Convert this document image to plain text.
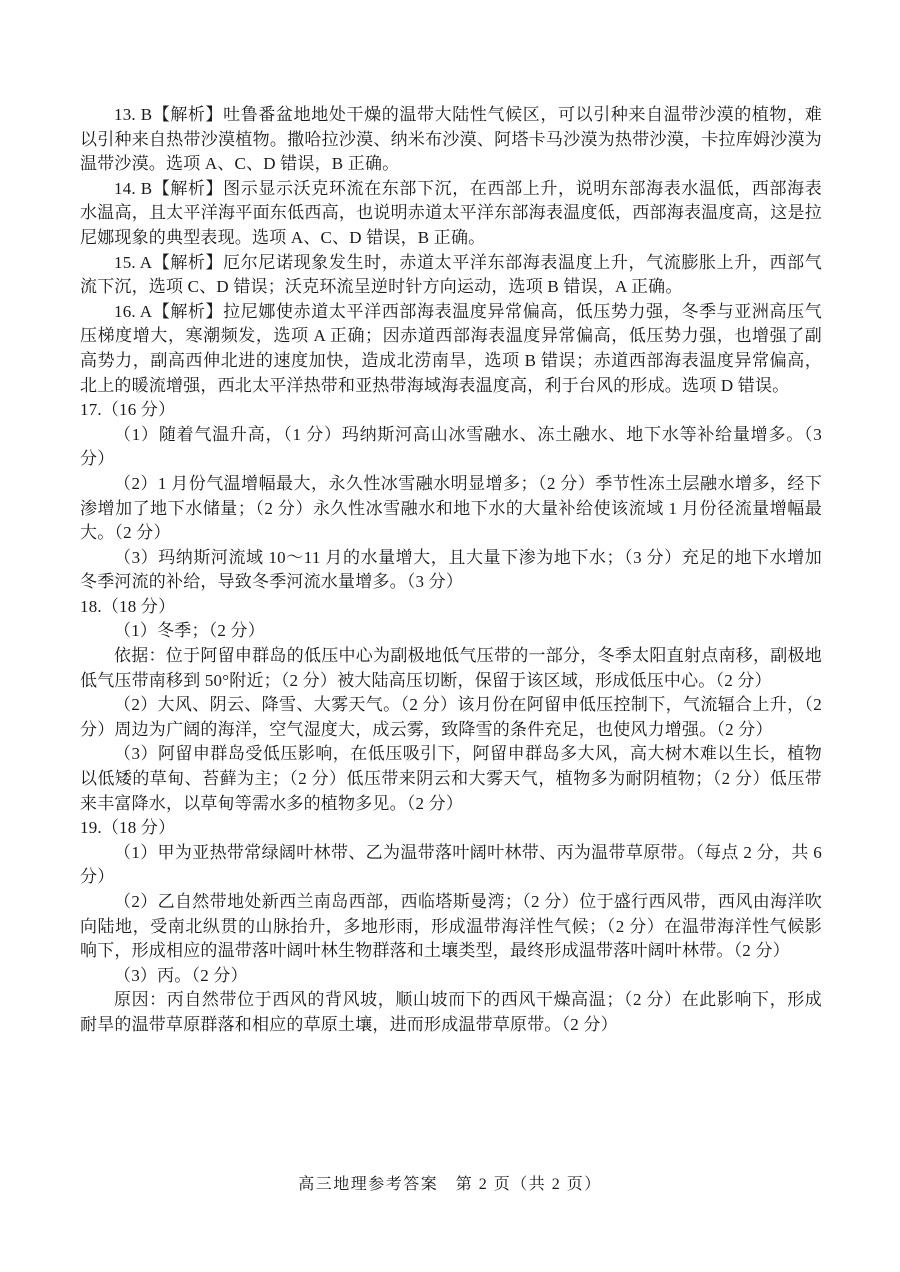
13. B【解析】吐鲁番盆地地处干燥的温带大陆性气候区，可以引种来自温带沙漠的植物，难以引种来自热带沙漠植物。撒哈拉沙漠、纳米布沙漠、阿塔卡马沙漠为热带沙漠，卡拉库姆沙漠为温带沙漠。选项 A、C、D 错误，B 正确。

14. B【解析】图示显示沃克环流在东部下沉，在西部上升，说明东部海表水温低，西部海表水温高，且太平洋海平面东低西高，也说明赤道太平洋东部海表温度低，西部海表温度高，这是拉尼娜现象的典型表现。选项 A、C、D 错误，B 正确。

15. A【解析】厄尔尼诺现象发生时，赤道太平洋东部海表温度上升，气流膨胀上升，西部气流下沉，选项 C、D 错误；沃克环流呈逆时针方向运动，选项 B 错误，A 正确。

16. A【解析】拉尼娜使赤道太平洋西部海表温度异常偏高，低压势力强，冬季与亚洲高压气压梯度增大，寒潮频发，选项 A 正确；因赤道西部海表温度异常偏高，低压势力强，也增强了副高势力，副高西伸北进的速度加快，造成北涝南旱，选项 B 错误；赤道西部海表温度异常偏高，北上的暖流增强，西北太平洋热带和亚热带海域海表温度高，利于台风的形成。选项 D 错误。

17.（16 分）

（1）随着气温升高，（1 分）玛纳斯河高山冰雪融水、冻土融水、地下水等补给量增多。（3 分）

（2）1 月份气温增幅最大，永久性冰雪融水明显增多；（2 分）季节性冻土层融水增多，经下渗增加了地下水储量；（2 分）永久性冰雪融水和地下水的大量补给使该流域 1 月份径流量增幅最大。（2 分）

（3）玛纳斯河流域 10～11 月的水量增大，且大量下渗为地下水；（3 分）充足的地下水增加冬季河流的补给，导致冬季河流水量增多。（3 分）

18.（18 分）

（1）冬季；（2 分）

依据：位于阿留申群岛的低压中心为副极地低气压带的一部分，冬季太阳直射点南移，副极地低气压带南移到 50°附近；（2 分）被大陆高压切断，保留于该区域，形成低压中心。（2 分）

（2）大风、阴云、降雪、大雾天气。（2 分）该月份在阿留申低压控制下，气流辐合上升，（2 分）周边为广阔的海洋，空气湿度大，成云雾，致降雪的条件充足，也使风力增强。（2 分）

（3）阿留申群岛受低压影响，在低压吸引下，阿留申群岛多大风，高大树木难以生长，植物以低矮的草甸、苔藓为主；（2 分）低压带来阴云和大雾天气，植物多为耐阴植物；（2 分）低压带来丰富降水，以草甸等需水多的植物多见。（2 分）

19.（18 分）

（1）甲为亚热带常绿阔叶林带、乙为温带落叶阔叶林带、丙为温带草原带。（每点 2 分，共 6 分）

（2）乙自然带地处新西兰南岛西部，西临塔斯曼湾；（2 分）位于盛行西风带，西风由海洋吹向陆地，受南北纵贯的山脉抬升，多地形雨，形成温带海洋性气候；（2 分）在温带海洋性气候影响下，形成相应的温带落叶阔叶林生物群落和土壤类型，最终形成温带落叶阔叶林带。（2 分）

（3）丙。（2 分）

原因：丙自然带位于西风的背风坡，顺山坡而下的西风干燥高温；（2 分）在此影响下，形成耐旱的温带草原群落和相应的草原土壤，进而形成温带草原带。（2 分）

高三地理参考答案　第 2 页（共 2 页）
